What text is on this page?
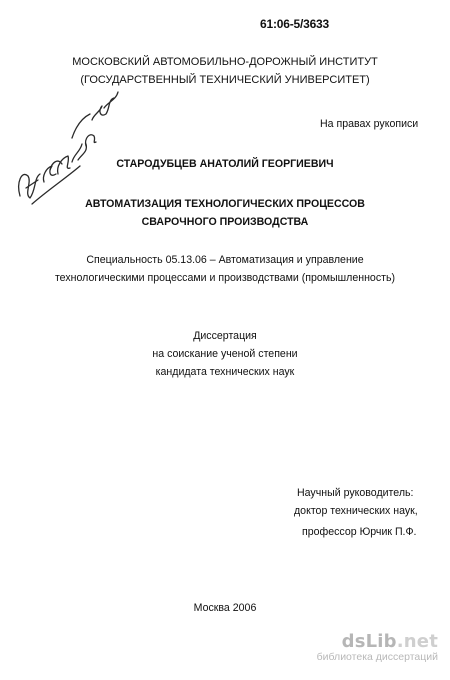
61:06-5/3633
МОСКОВСКИЙ АВТОМОБИЛЬНО-ДОРОЖНЫЙ ИНСТИТУТ
(ГОСУДАРСТВЕННЫЙ ТЕХНИЧЕСКИЙ УНИВЕРСИТЕТ)
На правах рукописи
СТАРОДУБЦЕВ АНАТОЛИЙ ГЕОРГИЕВИЧ
АВТОМАТИЗАЦИЯ ТЕХНОЛОГИЧЕСКИХ ПРОЦЕССОВ
СВАРОЧНОГО ПРОИЗВОДСТВА
Специальность 05.13.06 – Автоматизация и управление
технологическими процессами и производствами (промышленность)
Диссертация
на соискание ученой степени
кандидата технических наук
Научный руководитель:
доктор технических наук,
профессор Юрчик П.Ф.
Москва 2006
dsLib.net
библиотека диссертаций
